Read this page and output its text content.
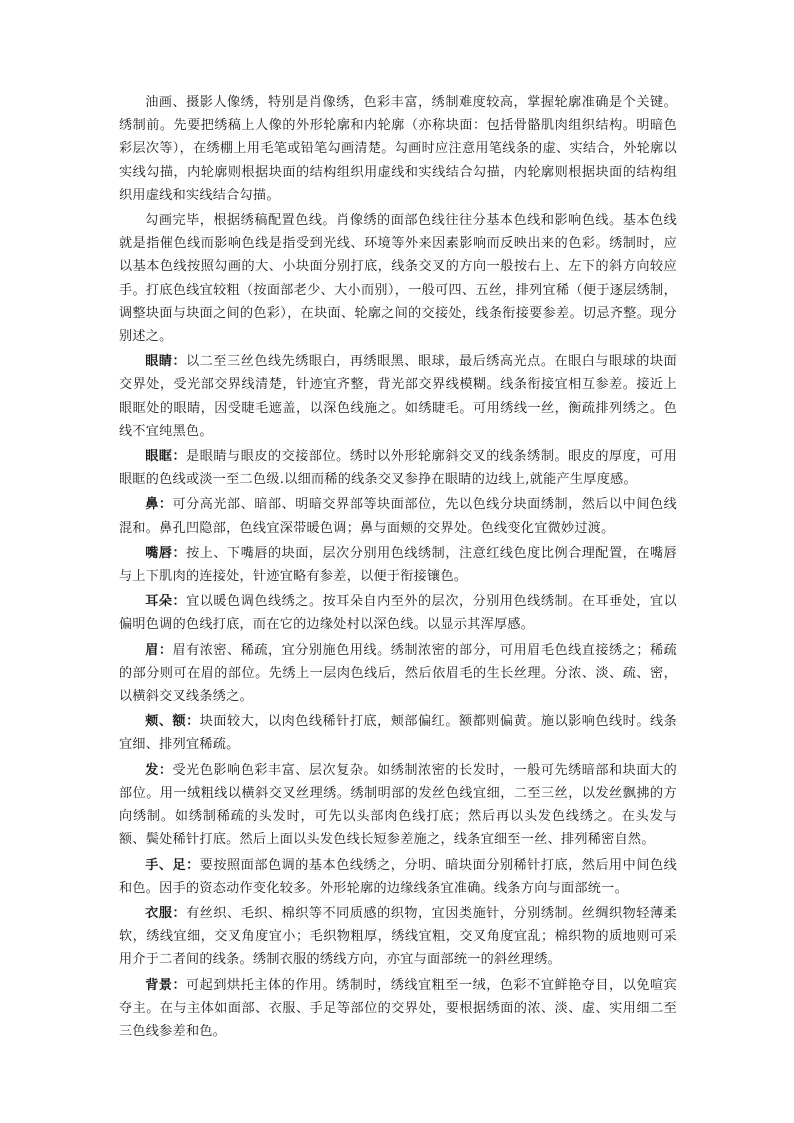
油画、摄影人像绣，特别是肖像绣，色彩丰富，绣制难度较高，掌握轮廓准确是个关键。绣制前。先要把绣稿上人像的外形轮廓和内轮廓（亦称块面：包括骨骼肌肉组织结构。明暗色彩层次等），在绣棚上用毛笔或铅笔勾画清楚。勾画时应注意用笔线条的虚、实结合，外轮廓以实线勾描，内轮廓则根据块面的结构组织用虚线和实线结合勾描，内轮廓则根据块面的结构组织用虚线和实线结合勾描。

勾画完毕，根据绣稿配置色线。肖像绣的面部色线往往分基本色线和影响色线。基本色线就是指催色线而影响色线是指受到光线、环境等外来因素影响而反映出来的色彩。绣制时，应以基本色线按照勾画的大、小块面分别打底，线条交叉的方向一般按右上、左下的斜方向较应手。打底色线宜较粗（按面部老少、大小而别），一般可四、五丝，排列宜稀（便于逐层绣制，调整块面与块面之间的色彩），在块面、轮廓之间的交接处，线条衔接要参差。切忌齐整。现分别述之。

眼睛：以二至三丝色线先绣眼白，再绣眼黑、眼球，最后绣高光点。在眼白与眼球的块面交界处，受光部交界线清楚，针迹宜齐整，背光部交界线模糊。线条衔接宜相互参差。接近上眼眶处的眼睛，因受睫毛遮盖，以深色线施之。如绣睫毛。可用绣线一丝，衡疏排列绣之。色线不宜纯黑色。

眼眶：是眼睛与眼皮的交接部位。绣时以外形轮廓斜交叉的线条绣制。眼皮的厚度，可用眼眶的色线或淡一至二色级.以细而稀的线条交叉参挣在眼睛的边线上,就能产生厚度感。

鼻：可分高光部、暗部、明暗交界部等块面部位，先以色线分块面绣制，然后以中间色线混和。鼻孔凹隐部，色线宜深带暖色调；鼻与面颊的交界处。色线变化宜微妙过渡。

嘴唇：按上、下嘴唇的块面，层次分别用色线绣制，注意红线色度比例合理配置，在嘴唇与上下肌肉的连接处，针迹宜略有参差，以便于衔接镶色。

耳朵：宜以暖色调色线绣之。按耳朵自内至外的层次，分别用色线绣制。在耳垂处，宜以偏明色调的色线打底，而在它的边缘处村以深色线。以显示其浑厚感。

眉：眉有浓密、稀疏，宜分别施色用线。绣制浓密的部分，可用眉毛色线直接绣之；稀疏的部分则可在眉的部位。先绣上一层肉色线后，然后依眉毛的生长丝理。分浓、淡、疏、密，以横斜交叉线条绣之。

颊、额：块面较大，以肉色线稀针打底，颊部偏红。额都则偏黄。施以影响色线时。线条宜细、排列宜稀疏。

发：受光色影响色彩丰富、层次复杂。如绣制浓密的长发时，一般可先绣暗部和块面大的部位。用一绒粗线以横斜交叉丝理绣。绣制明部的发丝色线宜细，二至三丝，以发丝飘拂的方向绣制。如绣制稀疏的头发时，可先以头部肉色线打底；然后再以头发色线绣之。在头发与额、鬓处稀针打底。然后上面以头发色线长短参差施之，线条宜细至一丝、排列稀密自然。

手、足：要按照面部色调的基本色线绣之，分明、暗块面分别稀针打底，然后用中间色线和色。因手的资态动作变化较多。外形轮廓的边缘线条宜准确。线条方向与面部统一。

衣服：有丝织、毛织、棉织等不同质感的织物，宜因类施针，分别绣制。丝绸织物轻薄柔软，绣线宜细，交叉角度宜小；毛织物粗厚，绣线宜粗，交叉角度宜乱；棉织物的质地则可采用介于二者间的线条。绣制衣服的绣线方向，亦宜与面部统一的斜丝理绣。

背景：可起到烘托主体的作用。绣制时，绣线宜粗至一绒，色彩不宜鲜艳夺目，以免喧宾夺主。在与主体如面部、衣服、手足等部位的交界处，要根据绣面的浓、淡、虚、实用细二至三色线参差和色。
